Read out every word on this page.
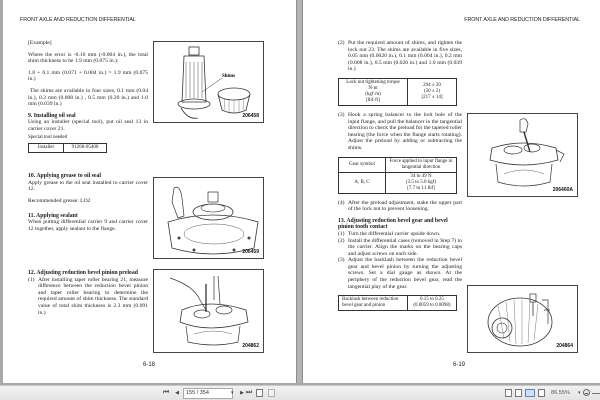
FRONT AXLE AND REDUCTION DIFFERENTIAL

[Example]

Where the error is -0.10 mm (-0.004 in.), the total shim thickness to be 1.9 mm (0.075 in.):

1.8 + 0.1 mm (0.071 + 0.004 in.) = 1.9 mm (0.075 in.)

The shims are available in four sizes, 0.1 mm (0.04 in.), 0.2 mm (0.008 in.) , 0.5 mm (0.20 in.) and 1.0 mm (0.039 in.)

9. Installing oil seal

Using an installer (special tool), put oil seal 13 in carrier cover 21.

Special tool needed
Installer	91268-05400
10. Applying grease to oil seal

Apply grease to the oil seal installed to carrier cover 12.

Recommended grease: LO2

11. Applying sealant

When putting differential carrier 9 and carrier cover 12 together, apply sealant to the flange.

12. Adjusting reduction bevel pinion preload
(1) After installing taper roller bearing 21, measure difference between the reduction bevel pinion and taper roller bearing to determine the required amount of shim thickness. The standard value of total shim thickness is 2.3 mm (0.091 in.)
Shims
206458
206459
204862
6-18
FRONT AXLE AND REDUCTION DIFFERENTIAL
(2) Put the required amount of shims, and tighten the lock nut 23. The shims are available in five sizes, 0.05 mm (0.0020 in.), 0.1 mm (0.004 in.), 0.2 mm (0.008 in.), 0.5 mm (0.020 in.) and 1.0 mm (0.039 in.)
Lock nut tightening torque
N·m
(kgf·m)
[lbf·ft]

294 ± 20
(30 ± 2)
[217 ± 14]
(3) Hook a spring balancer to the bolt hole of the input flange, and pull the balancer in the tangential direction to check the preload for the tapered roller bearing (the force when the flange starts rotating). Adjust the preload by adding or subtracting the shims.
Gear symbol	Force applied to input flange in tangential direction
A, B, C	34 to 49 N
(3.5 to 5.0 kgf)
[7.7 to 11 lbf]
(4) After the preload adjustment, stake the upper part of the lock nut to prevent loosening.
13. Adjusting reduction bevel gear and bevel pinion tooth contact
(1) Turn the differential carrier upside down.
(2) Install the differential cases (removed in Step 7) to the carrier. Align the marks on the bearing caps and adjust screws on each side.
(3) Adjust the backlash between the reduction bevel gear and bevel pinion by turning the adjusting screws. Set a dial gauge as shown. At the periphery of the reduction bevel gear, read the tangential play of the gear.
Backlash between reduction bevel gear and pinion	
0.15 to 0.25
(0.0059 to 0.0098)
206460A
204864
6-19
⏮	◀	155 / 354	▾	▶ ⏭	86.55% ▾
